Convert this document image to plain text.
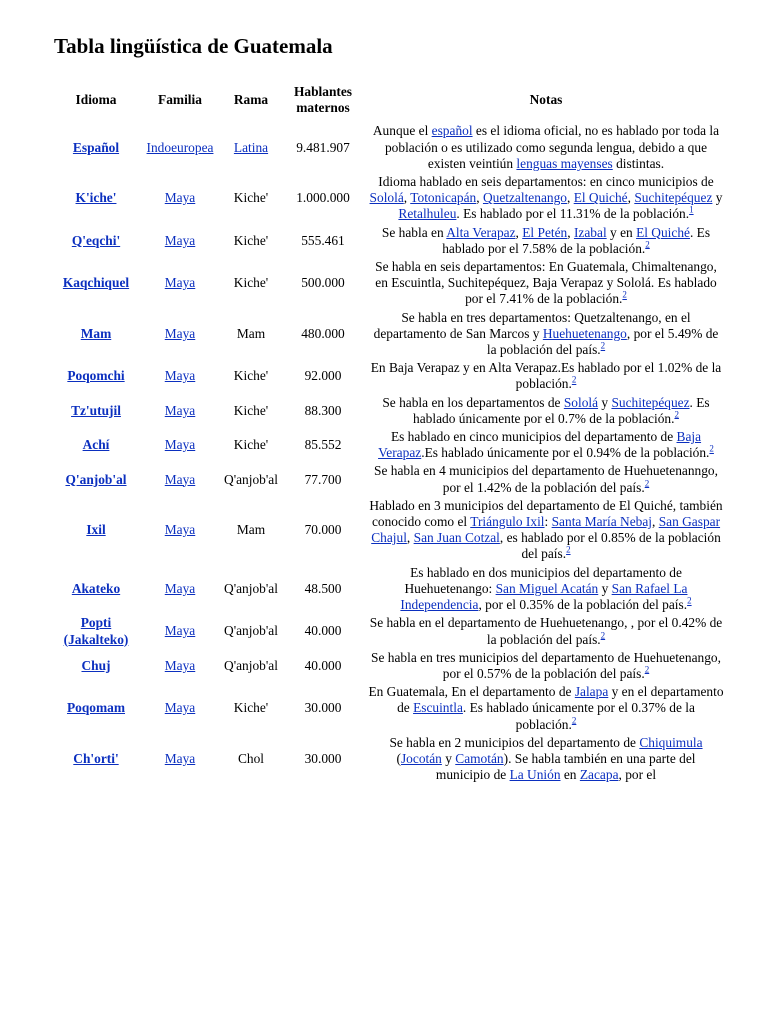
Tabla lingüística de Guatemala
Idioma	Familia	Rama	Hablantes maternos	Notas
Español	Indoeuropea	Latina	9.481.907	Aunque el español es el idioma oficial, no es hablado por toda la población o es utilizado como segunda lengua, debido a que existen veintiún lenguas mayenses distintas.
K'iche'	Maya	Kiche'	1.000.000	Idioma hablado en seis departamentos: en cinco municipios de Sololá, Totonicapán, Quetzaltenango, El Quiché, Suchitepéquez y Retalhuleu. Es hablado por el 11.31% de la población.$^1$
Q'eqchi'	Maya	Kiche'	555.461	Se habla en Alta Verapaz, El Petén, Izabal y en El Quiché. Es hablado por el 7.58% de la población.$^2$
Kaqchiquel	Maya	Kiche'	500.000	Se habla en seis departamentos: En Guatemala, Chimaltenango, en Escuintla, Suchitepéquez, Baja Verapaz y Sololá. Es hablado por el 7.41% de la población.$^2$
Mam	Maya	Mam	480.000	Se habla en tres departamentos: Quetzaltenango, en el departamento de San Marcos y Huehuetenango, por el 5.49% de la población del país.$^2$
Poqomchi	Maya	Kiche'	92.000	En Baja Verapaz y en Alta Verapaz.Es hablado por el 1.02% de la población.$^2$
Tz'utujil	Maya	Kiche'	88.300	Se habla en los departamentos de Sololá y Suchitepéquez. Es hablado únicamente por el 0.7% de la población.$^2$
Achí	Maya	Kiche'	85.552	Es hablado en cinco municipios del departamento de Baja Verapaz.Es hablado únicamente por el 0.94% de la población.$^2$
Q'anjob'al	Maya	Q'anjob'al	77.700	Se habla en 4 municipios del departamento de Huehuetenanngo, por el 1.42% de la población del país.$^2$
Ixil	Maya	Mam	70.000	Hablado en 3 municipios del departamento de El Quiché, también conocido como el Triángulo Ixil: Santa María Nebaj, San Gaspar Chajul, San Juan Cotzal, es hablado por el 0.85% de la población del país.$^2$
Akateko	Maya	Q'anjob'al	48.500	Es hablado en dos municipios del departamento de Huehuetenango: San Miguel Acatán y San Rafael La Independencia, por el 0.35% de la población del país.$^2$
Popti (Jakalteko)	Maya	Q'anjob'al	40.000	Se habla en el departamento de Huehuetenango, , por el 0.42% de la población del país.$^2$
Chuj	Maya	Q'anjob'al	40.000	Se habla en tres municipios del departamento de Huehuetenango, por el 0.57% de la población del país.$^2$
Poqomam	Maya	Kiche'	30.000	En Guatemala, En el departamento de Jalapa y en el departamento de Escuintla. Es hablado únicamente por el 0.37% de la población.$^2$
Ch'orti'	Maya	Chol	30.000	Se habla en 2 municipios del departamento de Chiquimula (Jocotán y Camotán). Se habla también en una parte del municipio de La Unión en Zacapa, por el
